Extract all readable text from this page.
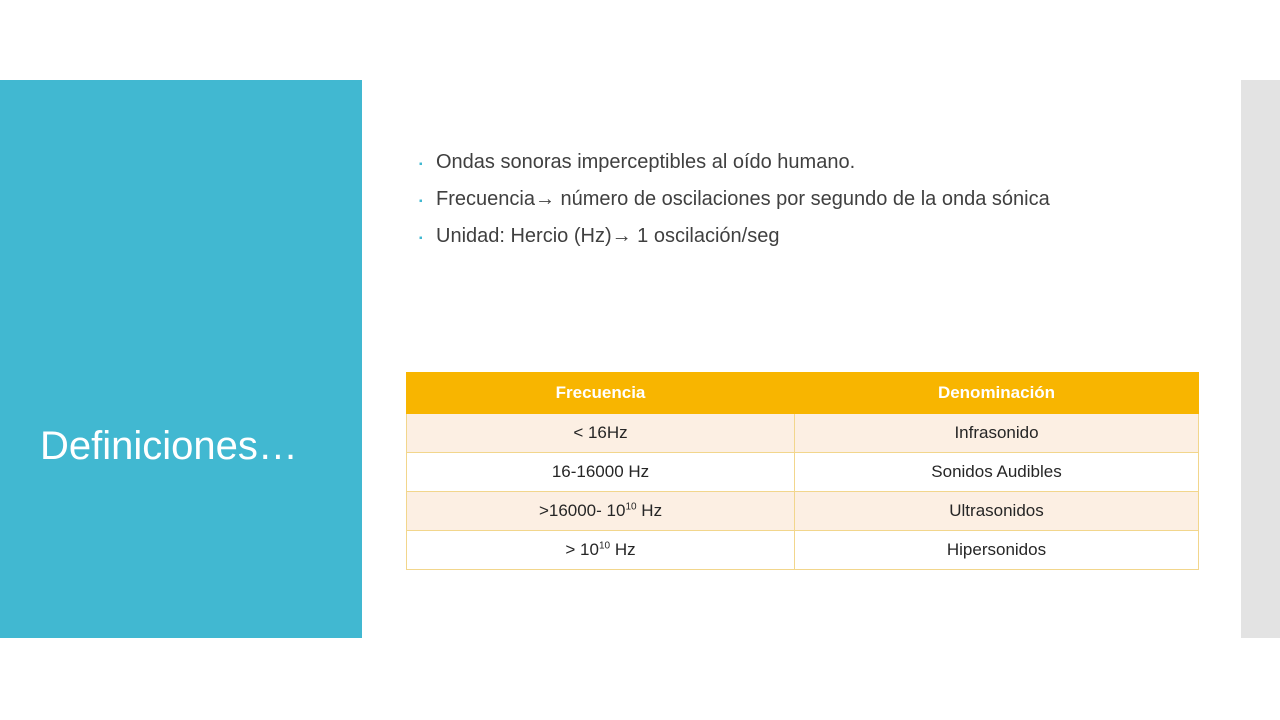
Definiciones…
▪ Ondas sonoras imperceptibles al oído humano.
▪ Frecuencia→ número de oscilaciones por segundo de la onda sónica
▪ Unidad: Hercio (Hz)→ 1 oscilación/seg
Frecuencia	Denominación
< 16Hz	Infrasonido
16-16000 Hz	Sonidos Audibles
>16000- $10^{10}$ Hz	Ultrasonidos
> $10^{10}$ Hz	Hipersonidos
